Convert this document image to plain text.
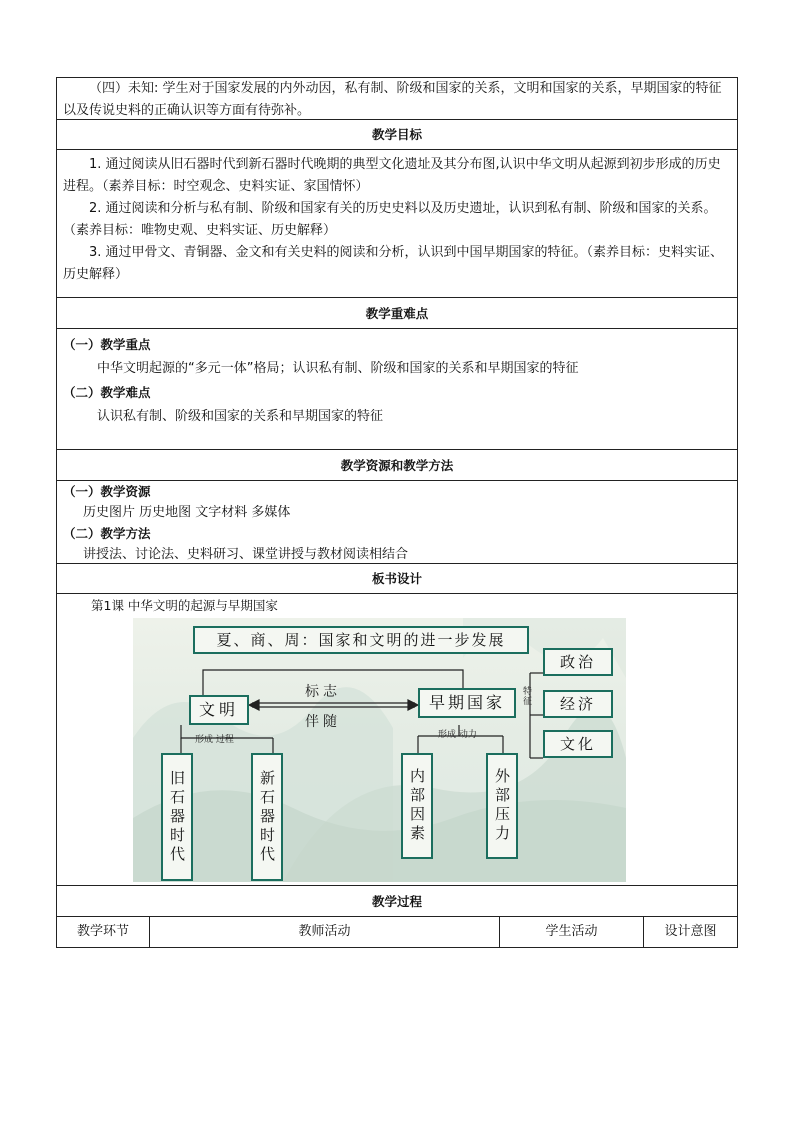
（四）未知: 学生对于国家发展的内外动因，私有制、阶级和国家的关系，文明和国家的关系，早期国家的特征以及传说史料的正确认识等方面有待弥补。
教学目标
1. 通过阅读从旧石器时代到新石器时代晚期的典型文化遗址及其分布图,认识中华文明从起源到初步形成的历史进程。（素养目标：时空观念、史料实证、家国情怀）
2. 通过阅读和分析与私有制、阶级和国家有关的历史史料以及历史遗址，认识到私有制、阶级和国家的关系。（素养目标：唯物史观、史料实证、历史解释）
3. 通过甲骨文、青铜器、金文和有关史料的阅读和分析，认识到中国早期国家的特征。（素养目标：史料实证、历史解释）
教学重难点
（一）教学重点
中华文明起源的“多元一体”格局；认识私有制、阶级和国家的关系和早期国家的特征
（二）教学难点
认识私有制、阶级和国家的关系和早期国家的特征
教学资源和教学方法
（一）教学资源
历史图片 历史地图 文字材料 多媒体
（二）教学方法
讲授法、讨论法、史料研习、课堂讲授与教材阅读相结合
板书设计
第1课 中华文明的起源与早期国家
夏、商、周：国家和文明的进一步发展
文明	早期国家
标志
伴随
特征
政治
经济
文化
形成 过程	形成 动力
旧石器时代	新石器时代	内部因素	外部压力
教学过程
教学环节	教师活动	学生活动	设计意图
